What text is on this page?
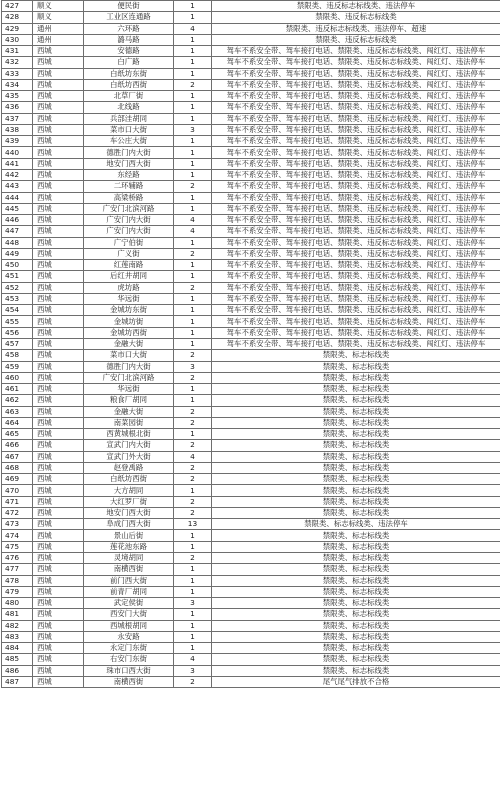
427	顺义	便民街	1	禁限类、违反标志标线类、违法停车
428	顺义	工业区连通路	1	禁限类、违反标志标线类
429	通州	六环路	4	禁限类、违反标志标线类、违法停车、超速
430	通州	潞马路	1	禁限类、违反标志标线类
431	西城	安德路	1	驾车不系安全带、驾车接打电话、禁限类、违反标志标线类、闯红灯、违法停车
432	西城	白广路	1	驾车不系安全带、驾车接打电话、禁限类、违反标志标线类、闯红灯、违法停车
433	西城	白纸坊东街	1	驾车不系安全带、驾车接打电话、禁限类、违反标志标线类、闯红灯、违法停车
434	西城	白纸坊西街	2	驾车不系安全带、驾车接打电话、禁限类、违反标志标线类、闯红灯、违法停车
435	西城	北草厂街	1	驾车不系安全带、驾车接打电话、禁限类、违反标志标线类、闯红灯、违法停车
436	西城	北线路	1	驾车不系安全带、驾车接打电话、禁限类、违反标志标线类、闯红灯、违法停车
437	西城	兵部洼胡同	1	驾车不系安全带、驾车接打电话、禁限类、违反标志标线类、闯红灯、违法停车
438	西城	菜市口大街	3	驾车不系安全带、驾车接打电话、禁限类、违反标志标线类、闯红灯、违法停车
439	西城	车公庄大街	1	驾车不系安全带、驾车接打电话、禁限类、违反标志标线类、闯红灯、违法停车
440	西城	德胜门内大街	1	驾车不系安全带、驾车接打电话、禁限类、违反标志标线类、闯红灯、违法停车
441	西城	地安门西大街	1	驾车不系安全带、驾车接打电话、禁限类、违反标志标线类、闯红灯、违法停车
442	西城	东经路	1	驾车不系安全带、驾车接打电话、禁限类、违反标志标线类、闯红灯、违法停车
443	西城	二环辅路	2	驾车不系安全带、驾车接打电话、禁限类、违反标志标线类、闯红灯、违法停车
444	西城	高梁桥路	1	驾车不系安全带、驾车接打电话、禁限类、违反标志标线类、闯红灯、违法停车
445	西城	广安门北滨河路	1	驾车不系安全带、驾车接打电话、禁限类、违反标志标线类、闯红灯、违法停车
446	西城	广安门内大街	4	驾车不系安全带、驾车接打电话、禁限类、违反标志标线类、闯红灯、违法停车
447	西城	广安门内大街	4	驾车不系安全带、驾车接打电话、禁限类、违反标志标线类、闯红灯、违法停车
448	西城	广宁伯街	1	驾车不系安全带、驾车接打电话、禁限类、违反标志标线类、闯红灯、违法停车
449	西城	广义街	2	驾车不系安全带、驾车接打电话、禁限类、违反标志标线类、闯红灯、违法停车
450	西城	红莲南路	1	驾车不系安全带、驾车接打电话、禁限类、违反标志标线类、闯红灯、违法停车
451	西城	后红井胡同	1	驾车不系安全带、驾车接打电话、禁限类、违反标志标线类、闯红灯、违法停车
452	西城	虎坊路	2	驾车不系安全带、驾车接打电话、禁限类、违反标志标线类、闯红灯、违法停车
453	西城	华远街	1	驾车不系安全带、驾车接打电话、禁限类、违反标志标线类、闯红灯、违法停车
454	西城	金城坊东街	1	驾车不系安全带、驾车接打电话、禁限类、违反标志标线类、闯红灯、违法停车
455	西城	金城坊街	1	驾车不系安全带、驾车接打电话、禁限类、违反标志标线类、闯红灯、违法停车
456	西城	金城坊西街	1	驾车不系安全带、驾车接打电话、禁限类、违反标志标线类、闯红灯、违法停车
457	西城	金融大街	1	驾车不系安全带、驾车接打电话、禁限类、违反标志标线类、闯红灯、违法停车
458	西城	菜市口大街	2	禁限类、标志标线类
459	西城	德胜门内大街	3	禁限类、标志标线类
460	西城	广安门北滨河路	2	禁限类、标志标线类
461	西城	华远街	1	禁限类、标志标线类
462	西城	粮食厂胡同	1	禁限类、标志标线类
463	西城	金融大街	2	禁限类、标志标线类
464	西城	南菜园街	2	禁限类、标志标线类
465	西城	西黄城根北街	1	禁限类、标志标线类
466	西城	宣武门内大街	2	禁限类、标志标线类
467	西城	宣武门外大街	4	禁限类、标志标线类
468	西城	赵登禹路	2	禁限类、标志标线类
469	西城	白纸坊西街	2	禁限类、标志标线类
470	西城	大方胡同	1	禁限类、标志标线类
471	西城	大红罗厂街	2	禁限类、标志标线类
472	西城	地安门西大街	2	禁限类、标志标线类
473	西城	阜成门西大街	13	禁限类、标志标线类、违法停车
474	西城	景山后街	1	禁限类、标志标线类
475	西城	莲花池东路	1	禁限类、标志标线类
476	西城	灵境胡同	2	禁限类、标志标线类
477	西城	南横西街	1	禁限类、标志标线类
478	西城	前门西大街	1	禁限类、标志标线类
479	西城	前青厂胡同	1	禁限类、标志标线类
480	西城	武定侯街	3	禁限类、标志标线类
481	西城	西安门大街	1	禁限类、标志标线类
482	西城	西城根胡同	1	禁限类、标志标线类
483	西城	永安路	1	禁限类、标志标线类
484	西城	永定门东街	1	禁限类、标志标线类
485	西城	右安门东街	4	禁限类、标志标线类
486	西城	珠市口西大街	3	禁限类、标志标线类
487	西城	南横西街	2	尾气尾气排放不合格
